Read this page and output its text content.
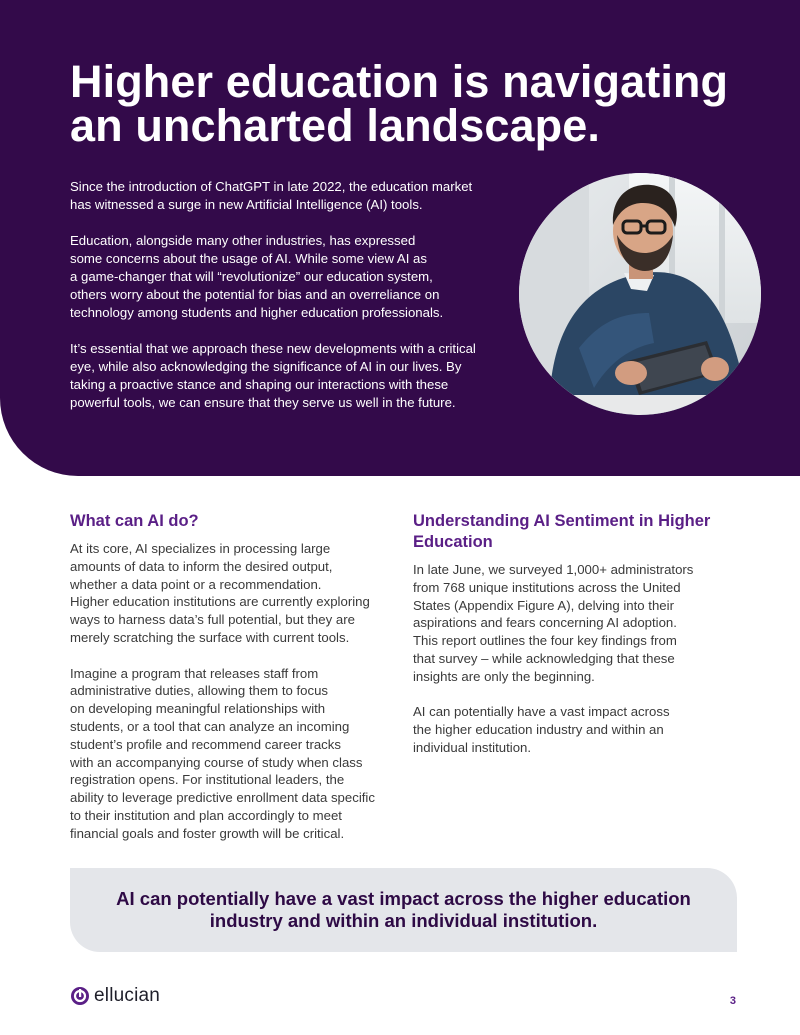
Higher education is navigating an uncharted landscape.

Since the introduction of ChatGPT in late 2022, the education market
has witnessed a surge in new Artificial Intelligence (AI) tools.

Education, alongside many other industries, has expressed
some concerns about the usage of AI. While some view AI as
a game-changer that will “revolutionize” our education system,
others worry about the potential for bias and an overreliance on
technology among students and higher education professionals.

It’s essential that we approach these new developments with a critical
eye, while also acknowledging the significance of AI in our lives. By
taking a proactive stance and shaping our interactions with these
powerful tools, we can ensure that they serve us well in the future.

What can AI do?

At its core, AI specializes in processing large
amounts of data to inform the desired output,
whether a data point or a recommendation.
Higher education institutions are currently exploring
ways to harness data’s full potential, but they are
merely scratching the surface with current tools.

Imagine a program that releases staff from
administrative duties, allowing them to focus
on developing meaningful relationships with
students, or a tool that can analyze an incoming
student’s profile and recommend career tracks
with an accompanying course of study when class
registration opens. For institutional leaders, the
ability to leverage predictive enrollment data specific
to their institution and plan accordingly to meet
financial goals and foster growth will be critical.

Understanding AI Sentiment in Higher Education

In late June, we surveyed 1,000+ administrators
from 768 unique institutions across the United
States (Appendix Figure A), delving into their
aspirations and fears concerning AI adoption.
This report outlines the four key findings from
that survey – while acknowledging that these
insights are only the beginning.

AI can potentially have a vast impact across
the higher education industry and within an
individual institution.

AI can potentially have a vast impact across the higher education industry and within an individual institution.

ellucian	3
